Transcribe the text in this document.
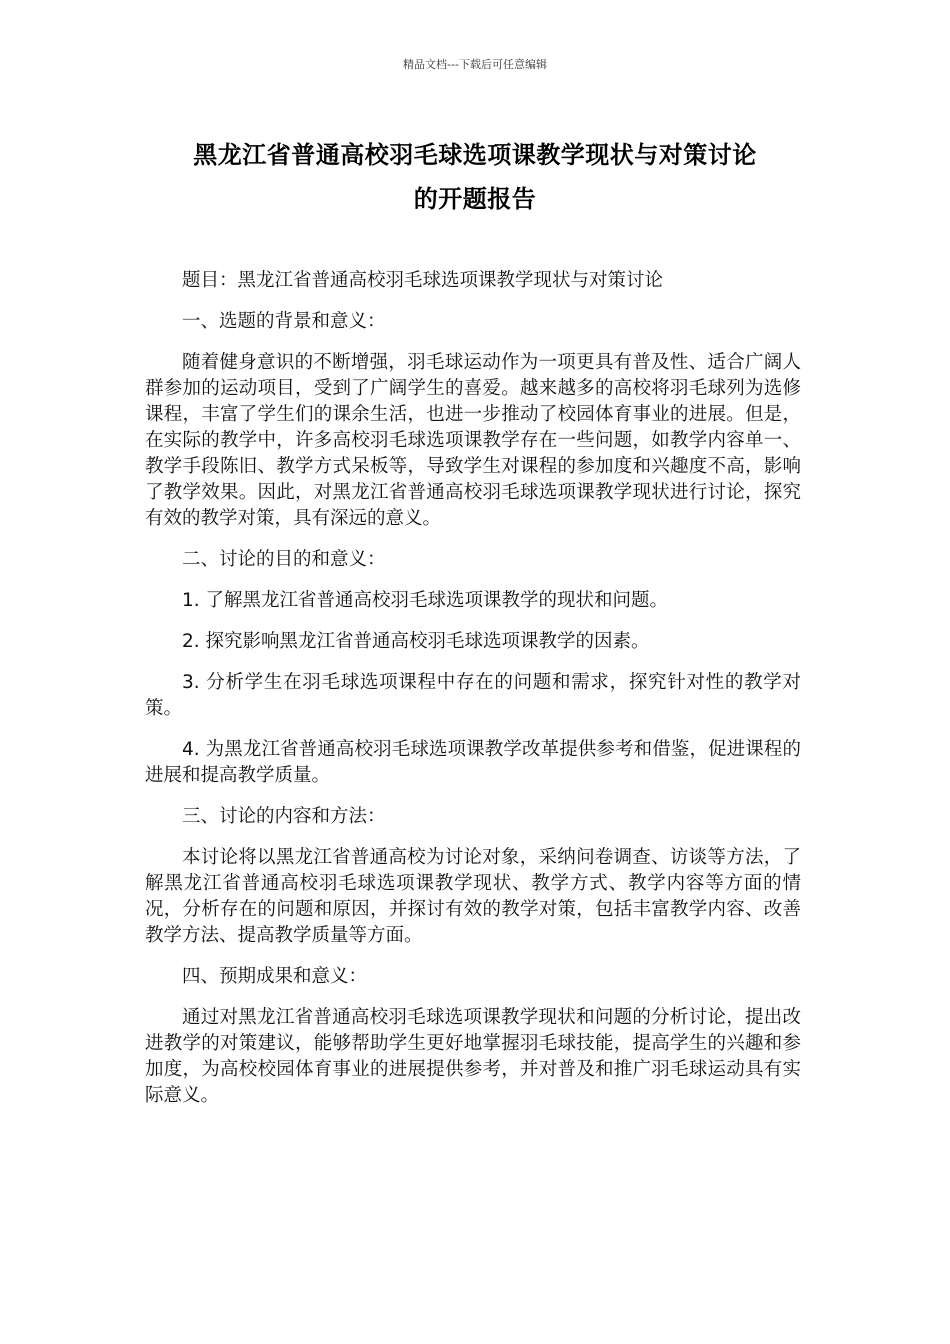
精品文档---下载后可任意编辑
黑龙江省普通高校羽毛球选项课教学现状与对策讨论
的开题报告

题目：黑龙江省普通高校羽毛球选项课教学现状与对策讨论

一、选题的背景和意义：

随着健身意识的不断增强，羽毛球运动作为一项更具有普及性、适合广阔人群参加的运动项目，受到了广阔学生的喜爱。越来越多的高校将羽毛球列为选修课程，丰富了学生们的课余生活，也进一步推动了校园体育事业的进展。但是，在实际的教学中，许多高校羽毛球选项课教学存在一些问题，如教学内容单一、教学手段陈旧、教学方式呆板等，导致学生对课程的参加度和兴趣度不高，影响了教学效果。因此，对黑龙江省普通高校羽毛球选项课教学现状进行讨论，探究有效的教学对策，具有深远的意义。

二、讨论的目的和意义：

1. 了解黑龙江省普通高校羽毛球选项课教学的现状和问题。

2. 探究影响黑龙江省普通高校羽毛球选项课教学的因素。

3. 分析学生在羽毛球选项课程中存在的问题和需求，探究针对性的教学对策。

4. 为黑龙江省普通高校羽毛球选项课教学改革提供参考和借鉴，促进课程的进展和提高教学质量。

三、讨论的内容和方法：

本讨论将以黑龙江省普通高校为讨论对象，采纳问卷调查、访谈等方法，了解黑龙江省普通高校羽毛球选项课教学现状、教学方式、教学内容等方面的情况，分析存在的问题和原因，并探讨有效的教学对策，包括丰富教学内容、改善教学方法、提高教学质量等方面。

四、预期成果和意义：

通过对黑龙江省普通高校羽毛球选项课教学现状和问题的分析讨论，提出改进教学的对策建议，能够帮助学生更好地掌握羽毛球技能，提高学生的兴趣和参加度，为高校校园体育事业的进展提供参考，并对普及和推广羽毛球运动具有实际意义。
